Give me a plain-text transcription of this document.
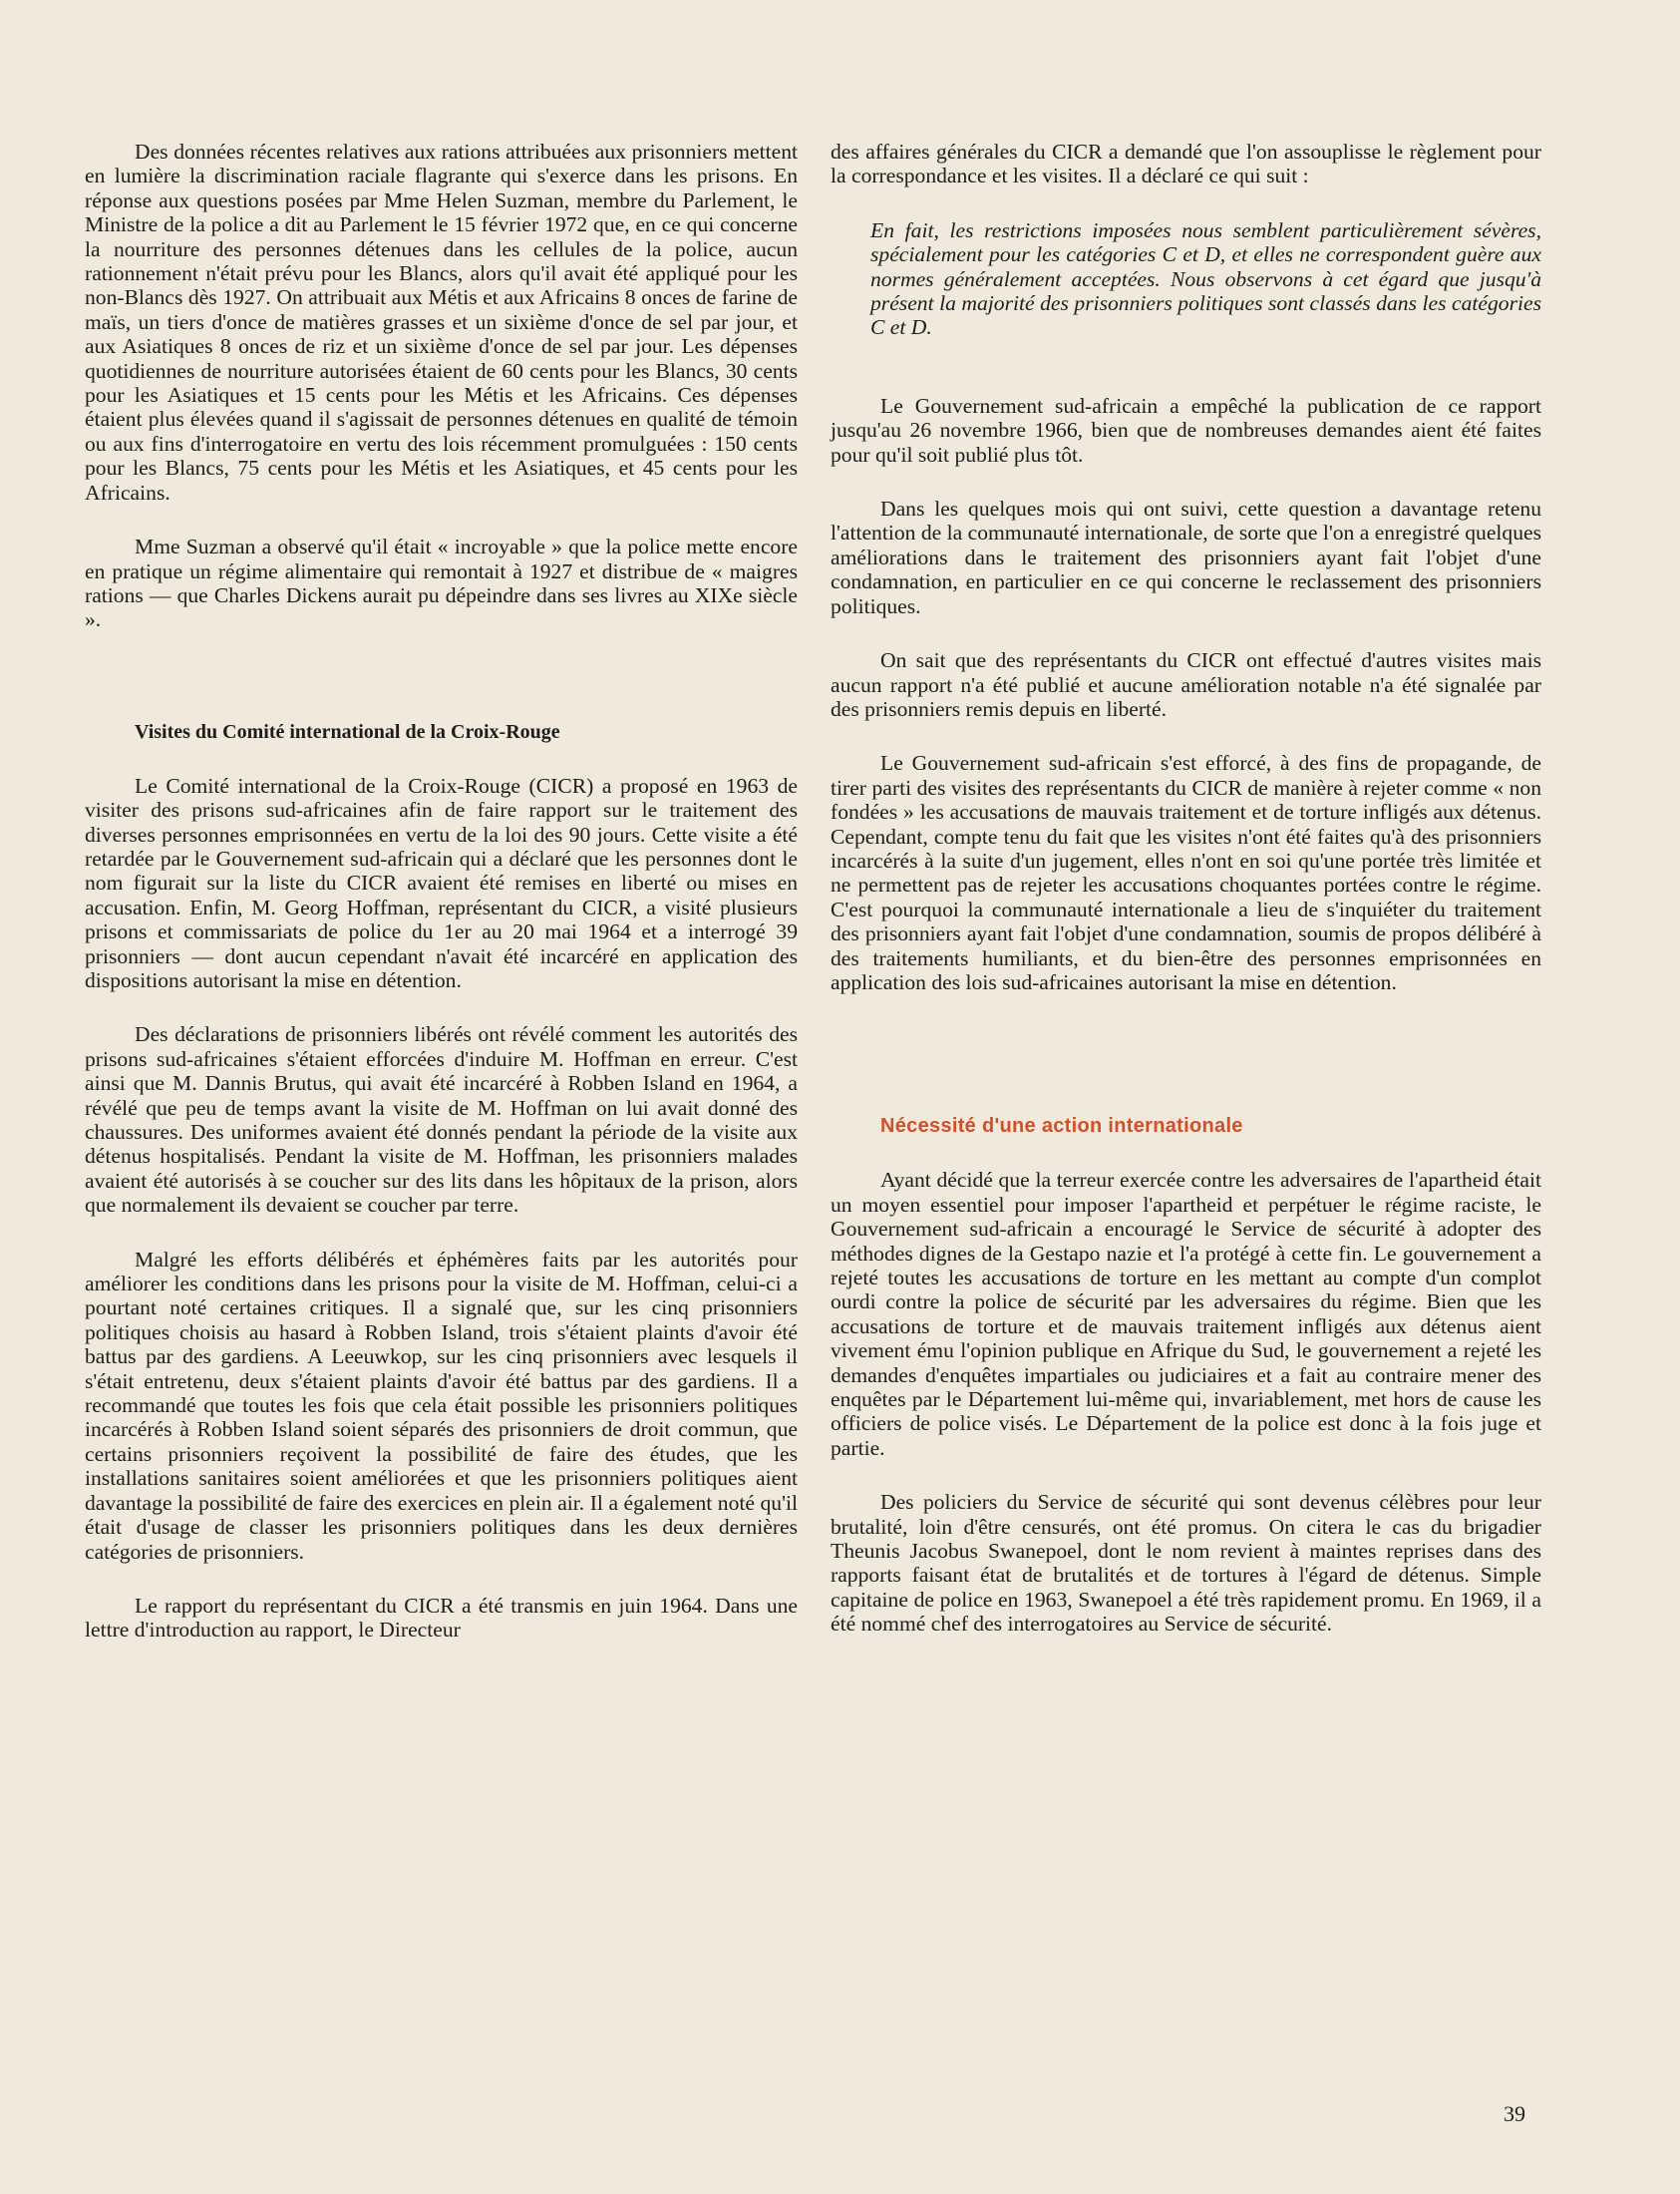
Des données récentes relatives aux rations attribuées aux prisonniers mettent en lumière la discrimination raciale flagrante qui s'exerce dans les prisons. En réponse aux questions posées par Mme Helen Suzman, membre du Parlement, le Ministre de la police a dit au Parlement le 15 février 1972 que, en ce qui concerne la nourriture des personnes détenues dans les cellules de la police, aucun rationnement n'était prévu pour les Blancs, alors qu'il avait été appliqué pour les non-Blancs dès 1927. On attribuait aux Métis et aux Africains 8 onces de farine de maïs, un tiers d'once de matières grasses et un sixième d'once de sel par jour, et aux Asiatiques 8 onces de riz et un sixième d'once de sel par jour. Les dépenses quotidiennes de nourriture autorisées étaient de 60 cents pour les Blancs, 30 cents pour les Asiatiques et 15 cents pour les Métis et les Africains. Ces dépenses étaient plus élevées quand il s'agissait de personnes détenues en qualité de témoin ou aux fins d'interrogatoire en vertu des lois récemment promulguées : 150 cents pour les Blancs, 75 cents pour les Métis et les Asiatiques, et 45 cents pour les Africains.

Mme Suzman a observé qu'il était « incroyable » que la police mette encore en pratique un régime alimentaire qui remontait à 1927 et distribue de « maigres rations — que Charles Dickens aurait pu dépeindre dans ses livres au XIXe siècle ».

Visites du Comité international de la Croix-Rouge

Le Comité international de la Croix-Rouge (CICR) a proposé en 1963 de visiter des prisons sud-africaines afin de faire rapport sur le traitement des diverses personnes emprisonnées en vertu de la loi des 90 jours. Cette visite a été retardée par le Gouvernement sud-africain qui a déclaré que les personnes dont le nom figurait sur la liste du CICR avaient été remises en liberté ou mises en accusation. Enfin, M. Georg Hoffman, représentant du CICR, a visité plusieurs prisons et commissariats de police du 1er au 20 mai 1964 et a interrogé 39 prisonniers — dont aucun cependant n'avait été incarcéré en application des dispositions autorisant la mise en détention.

Des déclarations de prisonniers libérés ont révélé comment les autorités des prisons sud-africaines s'étaient efforcées d'induire M. Hoffman en erreur. C'est ainsi que M. Dannis Brutus, qui avait été incarcéré à Robben Island en 1964, a révélé que peu de temps avant la visite de M. Hoffman on lui avait donné des chaussures. Des uniformes avaient été donnés pendant la période de la visite aux détenus hospitalisés. Pendant la visite de M. Hoffman, les prisonniers malades avaient été autorisés à se coucher sur des lits dans les hôpitaux de la prison, alors que normalement ils devaient se coucher par terre.

Malgré les efforts délibérés et éphémères faits par les autorités pour améliorer les conditions dans les prisons pour la visite de M. Hoffman, celui-ci a pourtant noté certaines critiques. Il a signalé que, sur les cinq prisonniers politiques choisis au hasard à Robben Island, trois s'étaient plaints d'avoir été battus par des gardiens. A Leeuwkop, sur les cinq prisonniers avec lesquels il s'était entretenu, deux s'étaient plaints d'avoir été battus par des gardiens. Il a recommandé que toutes les fois que cela était possible les prisonniers politiques incarcérés à Robben Island soient séparés des prisonniers de droit commun, que certains prisonniers reçoivent la possibilité de faire des études, que les installations sanitaires soient améliorées et que les prisonniers politiques aient davantage la possibilité de faire des exercices en plein air. Il a également noté qu'il était d'usage de classer les prisonniers politiques dans les deux dernières catégories de prisonniers.

Le rapport du représentant du CICR a été transmis en juin 1964. Dans une lettre d'introduction au rapport, le Directeur

des affaires générales du CICR a demandé que l'on assouplisse le règlement pour la correspondance et les visites. Il a déclaré ce qui suit :

En fait, les restrictions imposées nous semblent particulièrement sévères, spécialement pour les catégories C et D, et elles ne correspondent guère aux normes généralement acceptées. Nous observons à cet égard que jusqu'à présent la majorité des prisonniers politiques sont classés dans les catégories C et D.

Le Gouvernement sud-africain a empêché la publication de ce rapport jusqu'au 26 novembre 1966, bien que de nombreuses demandes aient été faites pour qu'il soit publié plus tôt.

Dans les quelques mois qui ont suivi, cette question a davantage retenu l'attention de la communauté internationale, de sorte que l'on a enregistré quelques améliorations dans le traitement des prisonniers ayant fait l'objet d'une condamnation, en particulier en ce qui concerne le reclassement des prisonniers politiques.

On sait que des représentants du CICR ont effectué d'autres visites mais aucun rapport n'a été publié et aucune amélioration notable n'a été signalée par des prisonniers remis depuis en liberté.

Le Gouvernement sud-africain s'est efforcé, à des fins de propagande, de tirer parti des visites des représentants du CICR de manière à rejeter comme « non fondées » les accusations de mauvais traitement et de torture infligés aux détenus. Cependant, compte tenu du fait que les visites n'ont été faites qu'à des prisonniers incarcérés à la suite d'un jugement, elles n'ont en soi qu'une portée très limitée et ne permettent pas de rejeter les accusations choquantes portées contre le régime. C'est pourquoi la communauté internationale a lieu de s'inquiéter du traitement des prisonniers ayant fait l'objet d'une condamnation, soumis de propos délibéré à des traitements humiliants, et du bien-être des personnes emprisonnées en application des lois sud-africaines autorisant la mise en détention.

Nécessité d'une action internationale

Ayant décidé que la terreur exercée contre les adversaires de l'apartheid était un moyen essentiel pour imposer l'apartheid et perpétuer le régime raciste, le Gouvernement sud-africain a encouragé le Service de sécurité à adopter des méthodes dignes de la Gestapo nazie et l'a protégé à cette fin. Le gouvernement a rejeté toutes les accusations de torture en les mettant au compte d'un complot ourdi contre la police de sécurité par les adversaires du régime. Bien que les accusations de torture et de mauvais traitement infligés aux détenus aient vivement ému l'opinion publique en Afrique du Sud, le gouvernement a rejeté les demandes d'enquêtes impartiales ou judiciaires et a fait au contraire mener des enquêtes par le Département lui-même qui, invariablement, met hors de cause les officiers de police visés. Le Département de la police est donc à la fois juge et partie.

Des policiers du Service de sécurité qui sont devenus célèbres pour leur brutalité, loin d'être censurés, ont été promus. On citera le cas du brigadier Theunis Jacobus Swanepoel, dont le nom revient à maintes reprises dans des rapports faisant état de brutalités et de tortures à l'égard de détenus. Simple capitaine de police en 1963, Swanepoel a été très rapidement promu. En 1969, il a été nommé chef des interrogatoires au Service de sécurité.

39
